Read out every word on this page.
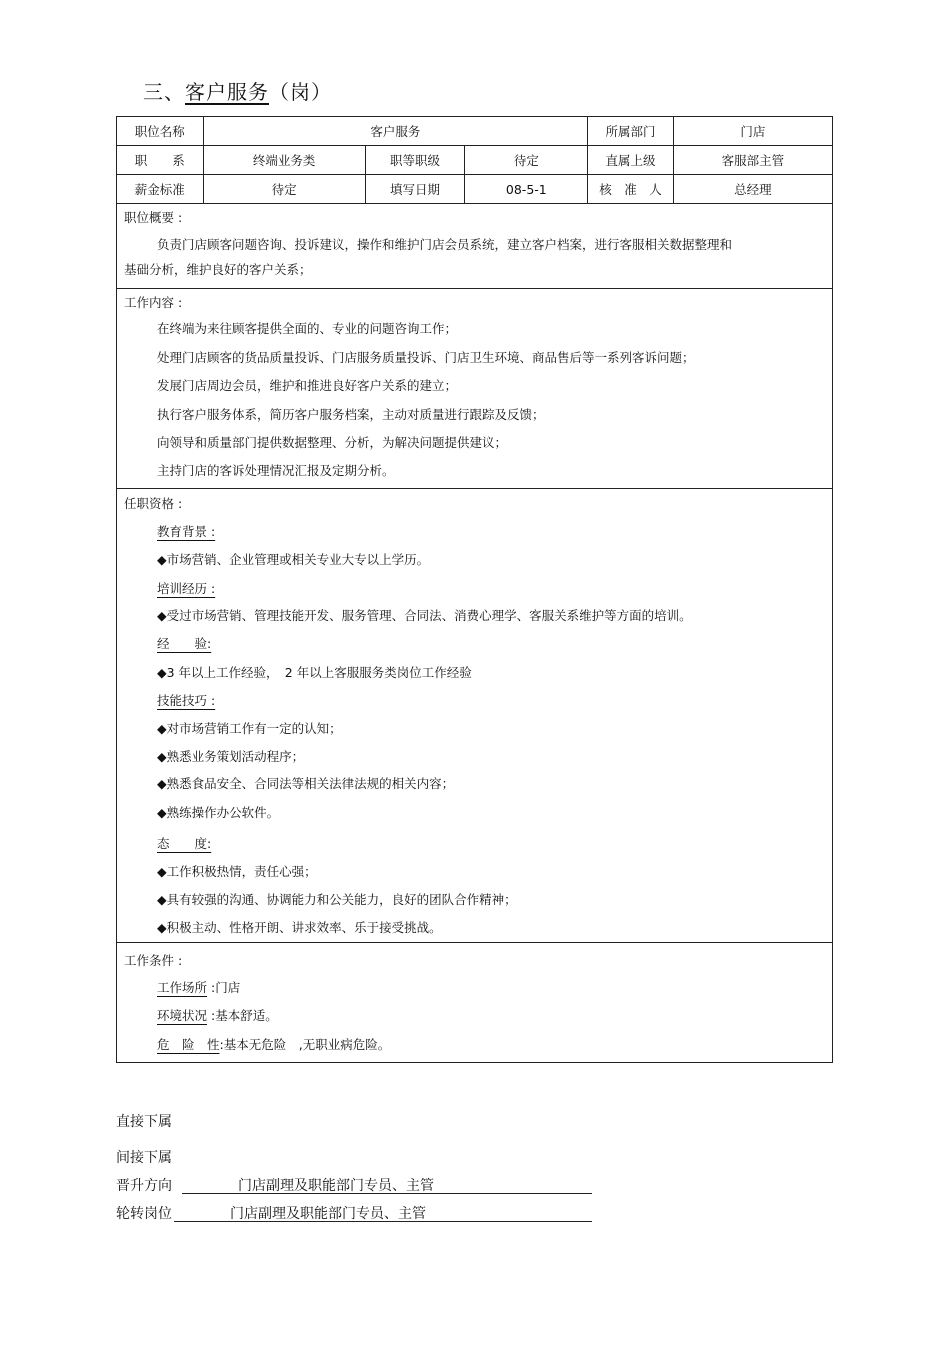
三、客户服务（岗）
职位名称	客户服务			所属部门	门店
职　　系	终端业务类	职等职级	待定	直属上级	客服部主管
薪金标准	待定	填写日期	08-5-1	核　准　人	总经理
职位概要 :
负责门店顾客问题咨询、投诉建议，操作和维护门店会员系统，建立客户档案，进行客服相关数据整理和
基础分析，维护良好的客户关系；
工作内容 :
在终端为来往顾客提供全面的、专业的问题咨询工作；
处理门店顾客的货品质量投诉、门店服务质量投诉、门店卫生环境、商品售后等一系列客诉问题；
发展门店周边会员，维护和推进良好客户关系的建立；
执行客户服务体系，简历客户服务档案，主动对质量进行跟踪及反馈；
向领导和质量部门提供数据整理、分析，为解决问题提供建议；
主持门店的客诉处理情况汇报及定期分析。
任职资格 :
教育背景 :
◆市场营销、企业管理或相关专业大专以上学历。
培训经历 :
◆受过市场营销、管理技能开发、服务管理、合同法、消费心理学、客服关系维护等方面的培训。
经　　验:
◆3 年以上工作经验，　2 年以上客服服务类岗位工作经验
技能技巧 :
◆对市场营销工作有一定的认知；
◆熟悉业务策划活动程序；
◆熟悉食品安全、合同法等相关法律法规的相关内容；
◆熟练操作办公软件。
态　　度:
◆工作积极热情，责任心强；
◆具有较强的沟通、协调能力和公关能力，良好的团队合作精神；
◆积极主动、性格开朗、讲求效率、乐于接受挑战。
工作条件 :
工作场所 :门店
环境状况 :基本舒适。
危　险　性:基本无危险　,无职业病危险。
直接下属
间接下属
晋升方向	门店副理及职能部门专员、主管
轮转岗位	门店副理及职能部门专员、主管
